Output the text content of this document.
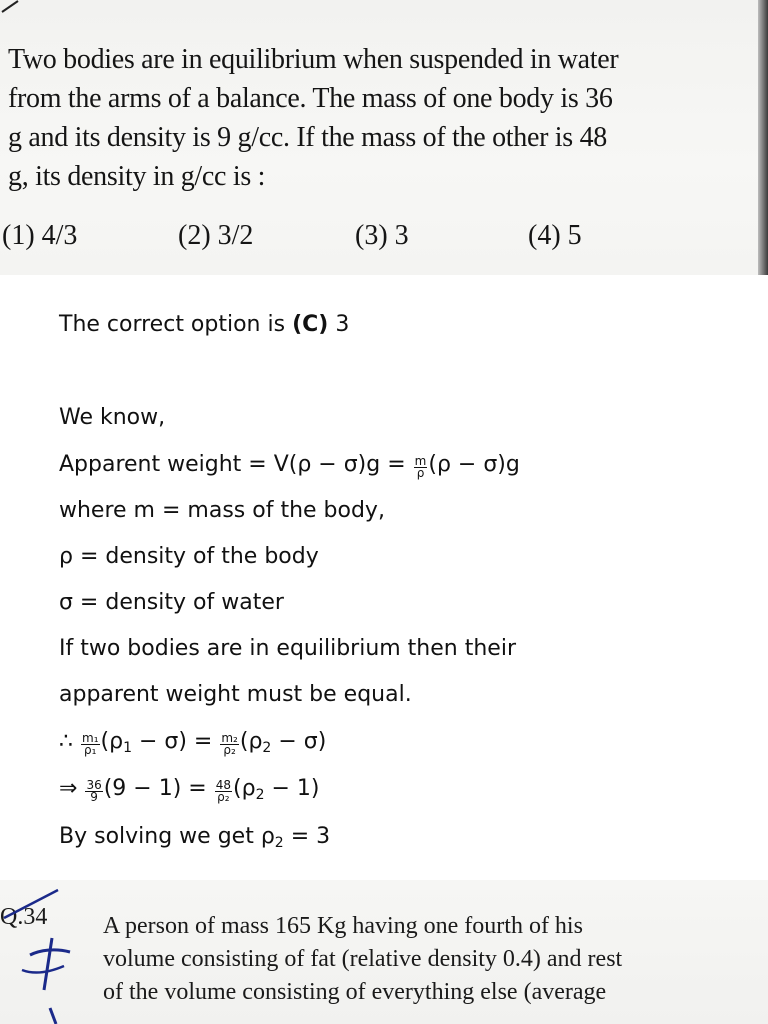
Two bodies are in equilibrium when suspended in water
from the arms of a balance. The mass of one body is 36
g and its density is 9 g/cc. If the mass of the other is 48
g, its density in g/cc is :
(1) 4/3	(2) 3/2	(3) 3	(4) 5
The correct option is (C) 3
We know,
Apparent weight = $V(\rho - \sigma)g = \frac{m}{\rho} (\rho - \sigma)g$
where m = mass of the body,
ρ = density of the body
σ = density of water
If two bodies are in equilibrium then their
apparent weight must be equal.
∴ $\frac{\text{m₁}}{\text{ρ₁}} (\rho_1 - \sigma) = \frac{\text{m₂}}{\text{ρ₂}} (\rho_2 - \sigma)$
⇒ $\frac{36}{9} (9 - 1) = \frac{48}{\text{ρ₂}} (\rho_2 - 1)$
By solving we get $\rho_2 = 3$
Q.34 A person of mass 165 Kg having one fourth of his
volume consisting of fat (relative density 0.4) and rest
of the volume consisting of everything else (average
